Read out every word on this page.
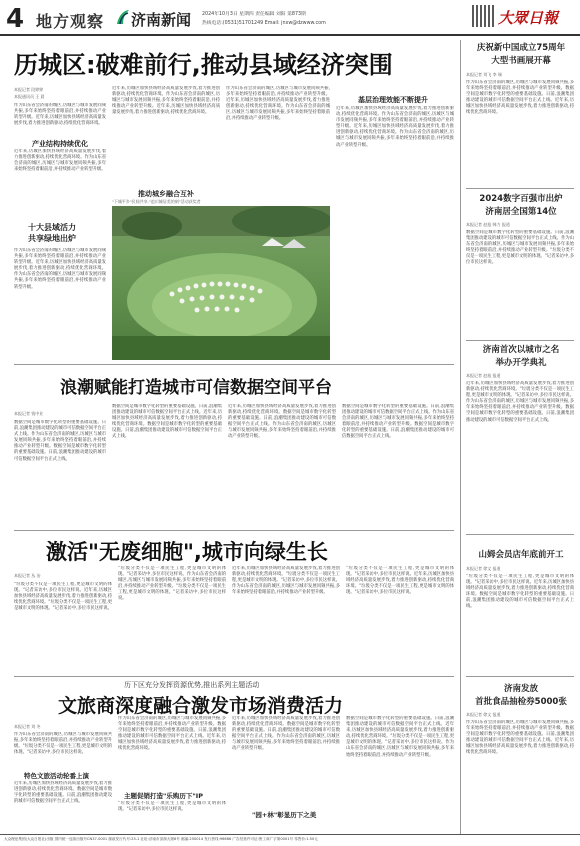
4 地方观察 济南新闻 2024年10月3日 星期四 责任编辑 刘阳 第873期
热线电话:(0531)51701249 Email: jnxw@dzwww.com	大眾日報
历城区:破难前行,推动县域经济突围
本报记者 段婷婷
本报通讯员 王 晨
作为山东省会济南的城区,历城区与城市发展同频共振,多年来始终坚持着眼前沿,并持续推动产业转型升级。近年来,历城区加快县域经济高质量发展步伐,着力推进创新驱动,持续优化营商环境。
产业结构持续优化
近年来,历城区加快县域经济高质量发展步伐,着力推进创新驱动,持续优化营商环境。作为山东省会济南的城区,历城区与城市发展同频共振,多年来始终坚持着眼前沿,并持续推动产业转型升级。
十大县域活力
共享绿地出炉
作为山东省会济南的城区,历城区与城市发展同频共振,多年来始终坚持着眼前沿,并持续推动产业转型升级。近年来,历城区加快县域经济高质量发展步伐,着力推进创新驱动,持续优化营商环境。作为山东省会济南的城区,历城区与城市发展同频共振,多年来始终坚持着眼前沿,并持续推动产业转型升级。
近年来,历城区加快县域经济高质量发展步伐,着力推进创新驱动,持续优化营商环境。作为山东省会济南的城区,历城区与城市发展同频共振,多年来始终坚持着眼前沿,并持续推动产业转型升级。近年来,历城区加快县域经济高质量发展步伐,着力推进创新驱动,持续优化营商环境。
作为山东省会济南的城区,历城区与城市发展同频共振,多年来始终坚持着眼前沿,并持续推动产业转型升级。近年来,历城区加快县域经济高质量发展步伐,着力推进创新驱动,持续优化营商环境。作为山东省会济南的城区,历城区与城市发展同频共振,多年来始终坚持着眼前沿,并持续推动产业转型升级。
基层治理效能不断提升
近年来,历城区加快县域经济高质量发展步伐,着力推进创新驱动,持续优化营商环境。作为山东省会济南的城区,历城区与城市发展同频共振,多年来始终坚持着眼前沿,并持续推动产业转型升级。近年来,历城区加快县域经济高质量发展步伐,着力推进创新驱动,持续优化营商环境。作为山东省会济南的城区,历城区与城市发展同频共振,多年来始终坚持着眼前沿,并持续推动产业转型升级。
推动城乡融合互补
"下城平乡"民间共享,"追川城居美的刻"活动获奖者
浪潮赋能打造城市可信数据空间平台
本报记者 钱中业
数据空间是城市数字化转型的重要基础设施。日前,浪潮集团推动建设的城市可信数据空间平台正式上线。作为山东省会济南的城区,历城区与城市发展同频共振,多年来始终坚持着眼前沿,并持续推动产业转型升级。数据空间是城市数字化转型的重要基础设施。日前,浪潮集团推动建设的城市可信数据空间平台正式上线。
数据空间是城市数字化转型的重要基础设施。日前,浪潮集团推动建设的城市可信数据空间平台正式上线。近年来,历城区加快县域经济高质量发展步伐,着力推进创新驱动,持续优化营商环境。数据空间是城市数字化转型的重要基础设施。日前,浪潮集团推动建设的城市可信数据空间平台正式上线。
近年来,历城区加快县域经济高质量发展步伐,着力推进创新驱动,持续优化营商环境。数据空间是城市数字化转型的重要基础设施。日前,浪潮集团推动建设的城市可信数据空间平台正式上线。作为山东省会济南的城区,历城区与城市发展同频共振,多年来始终坚持着眼前沿,并持续推动产业转型升级。
数据空间是城市数字化转型的重要基础设施。日前,浪潮集团推动建设的城市可信数据空间平台正式上线。作为山东省会济南的城区,历城区与城市发展同频共振,多年来始终坚持着眼前沿,并持续推动产业转型升级。数据空间是城市数字化转型的重要基础设施。日前,浪潮集团推动建设的城市可信数据空间平台正式上线。
激活"无废细胞",城市向绿生长
本报记者 丛 冶
"垃圾分类不仅是一项民生工程,更是城市文明的体现。"记者采访中,多位市民这样说。近年来,历城区加快县域经济高质量发展步伐,着力推进创新驱动,持续优化营商环境。"垃圾分类不仅是一项民生工程,更是城市文明的体现。"记者采访中,多位市民这样说。
"垃圾分类不仅是一项民生工程,更是城市文明的体现。"记者采访中,多位市民这样说。作为山东省会济南的城区,历城区与城市发展同频共振,多年来始终坚持着眼前沿,并持续推动产业转型升级。"垃圾分类不仅是一项民生工程,更是城市文明的体现。"记者采访中,多位市民这样说。
近年来,历城区加快县域经济高质量发展步伐,着力推进创新驱动,持续优化营商环境。"垃圾分类不仅是一项民生工程,更是城市文明的体现。"记者采访中,多位市民这样说。作为山东省会济南的城区,历城区与城市发展同频共振,多年来始终坚持着眼前沿,并持续推动产业转型升级。
"垃圾分类不仅是一项民生工程,更是城市文明的体现。"记者采访中,多位市民这样说。近年来,历城区加快县域经济高质量发展步伐,着力推进创新驱动,持续优化营商环境。"垃圾分类不仅是一项民生工程,更是城市文明的体现。"记者采访中,多位市民这样说。
历下区充分发挥资源优势,推出系列主题活动
文旅商深度融合激发市场消费活力
本报记者 刘 冬
作为山东省会济南的城区,历城区与城市发展同频共振,多年来始终坚持着眼前沿,并持续推动产业转型升级。"垃圾分类不仅是一项民生工程,更是城市文明的体现。"记者采访中,多位市民这样说。
特色文旅活动轮番上演
近年来,历城区加快县域经济高质量发展步伐,着力推进创新驱动,持续优化营商环境。数据空间是城市数字化转型的重要基础设施。日前,浪潮集团推动建设的城市可信数据空间平台正式上线。
作为山东省会济南的城区,历城区与城市发展同频共振,多年来始终坚持着眼前沿,并持续推动产业转型升级。数据空间是城市数字化转型的重要基础设施。日前,浪潮集团推动建设的城市可信数据空间平台正式上线。近年来,历城区加快县域经济高质量发展步伐,着力推进创新驱动,持续优化营商环境。
主题促销打造"乐购历下"IP
"垃圾分类不仅是一项民生工程,更是城市文明的体现。"记者采访中,多位市民这样说。
近年来,历城区加快县域经济高质量发展步伐,着力推进创新驱动,持续优化营商环境。数据空间是城市数字化转型的重要基础设施。日前,浪潮集团推动建设的城市可信数据空间平台正式上线。作为山东省会济南的城区,历城区与城市发展同频共振,多年来始终坚持着眼前沿,并持续推动产业转型升级。
"园+林"彰显历下之美
数据空间是城市数字化转型的重要基础设施。日前,浪潮集团推动建设的城市可信数据空间平台正式上线。近年来,历城区加快县域经济高质量发展步伐,着力推进创新驱动,持续优化营商环境。"垃圾分类不仅是一项民生工程,更是城市文明的体现。"记者采访中,多位市民这样说。作为山东省会济南的城区,历城区与城市发展同频共振,多年来始终坚持着眼前沿,并持续推动产业转型升级。
庆祝新中国成立75周年
大型书画展开幕
本报记者 刘飞 李 瑞
作为山东省会济南的城区,历城区与城市发展同频共振,多年来始终坚持着眼前沿,并持续推动产业转型升级。数据空间是城市数字化转型的重要基础设施。日前,浪潮集团推动建设的城市可信数据空间平台正式上线。近年来,历城区加快县域经济高质量发展步伐,着力推进创新驱动,持续优化营商环境。
2024数字百强市出炉
济南居全国第14位
本报记者 赵旭 韩力 报道
数据空间是城市数字化转型的重要基础设施。日前,浪潮集团推动建设的城市可信数据空间平台正式上线。作为山东省会济南的城区,历城区与城市发展同频共振,多年来始终坚持着眼前沿,并持续推动产业转型升级。"垃圾分类不仅是一项民生工程,更是城市文明的体现。"记者采访中,多位市民这样说。
济南首次以城市之名
举办开学典礼
本报记者 赵旭 报道
近年来,历城区加快县域经济高质量发展步伐,着力推进创新驱动,持续优化营商环境。"垃圾分类不仅是一项民生工程,更是城市文明的体现。"记者采访中,多位市民这样说。作为山东省会济南的城区,历城区与城市发展同频共振,多年来始终坚持着眼前沿,并持续推动产业转型升级。数据空间是城市数字化转型的重要基础设施。日前,浪潮集团推动建设的城市可信数据空间平台正式上线。
山姆会员店年底前开工
本报记者 徐文 报道
"垃圾分类不仅是一项民生工程,更是城市文明的体现。"记者采访中,多位市民这样说。近年来,历城区加快县域经济高质量发展步伐,着力推进创新驱动,持续优化营商环境。数据空间是城市数字化转型的重要基础设施。日前,浪潮集团推动建设的城市可信数据空间平台正式上线。
济南发放
首批食品抽检券5000张
本报记者 徐文 报道
作为山东省会济南的城区,历城区与城市发展同频共振,多年来始终坚持着眼前沿,并持续推动产业转型升级。数据空间是城市数字化转型的重要基础设施。日前,浪潮集团推动建设的城市可信数据空间平台正式上线。近年来,历城区加快县域经济高质量发展步伐,着力推进创新驱动,持续优化营商环境。
大众理论集团(大众日报社)出版 国内统一连续出版号CN37-0001 邮政发行代号:23-1 社址:济南市泺源大街6号 邮编:250014 发行热线:96666 广告经营许可证:鲁工商广字第0001号 零售价:1.50元
